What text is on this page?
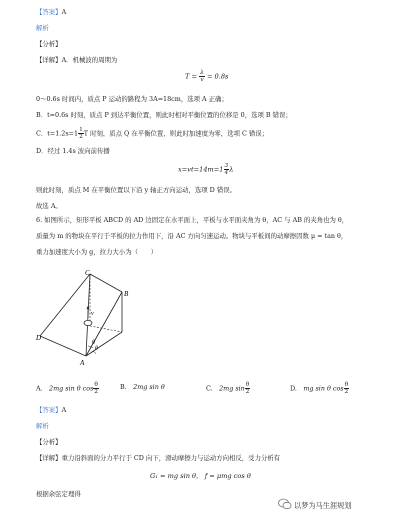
【答案】A
解析
【分析】
【详解】A．机械波的周期为
$T = \frac{\lambda}{v} = 0.8s$
0～0.6s 时间内，质点 P 运动的路程为 3A=18cm，选项 A 正确；
B．t=0.6s 时刻，质点 P 到达平衡位置，则此时相对平衡位置的位移是 0，选项 B 错误；
C．$t=1.2s=1 \frac{1}{2}$ T 时刻，质点 Q 在平衡位置，则此时加速度为零，选项 C 错误；
D．经过 1.4s 波向前传播
$x=vt=14m=1 \frac{3}{4}$ λ
则此时刻，质点 M 在平衡位置以下沿 y 轴正方向运动，选项 D 错误。
故选 A。
6. 如图所示，矩形平板 ABCD 的 AD 边固定在水平面上，平板与水平面夹角为 θ，AC 与 AB 的夹角也为 θ，
质量为 m 的物块在平行于平板的拉力作用下，沿 AC 方向匀速运动。物块与平板间的动摩擦因数 μ = tan θ，
重力加速度大小为 g，拉力大小为（　　）
C
B
D
A
v
θ
θ
A.　 2mg sin θ $\cos \frac{\theta}{2}$	B.　 2mg sin θ	C.　 2mg $\sin \frac{\theta}{2}$	D.　 mg sin θ $\cos \frac{\theta}{2}$
【答案】A
解析
【分析】
【详解】重力沿斜面的分力平行于 CD 向下，滑动摩擦力与运动方向相反，受力分析有
G₁ = mg sin θ， f = μmg cos θ
根据余弦定理得
以梦为马生涯规划
